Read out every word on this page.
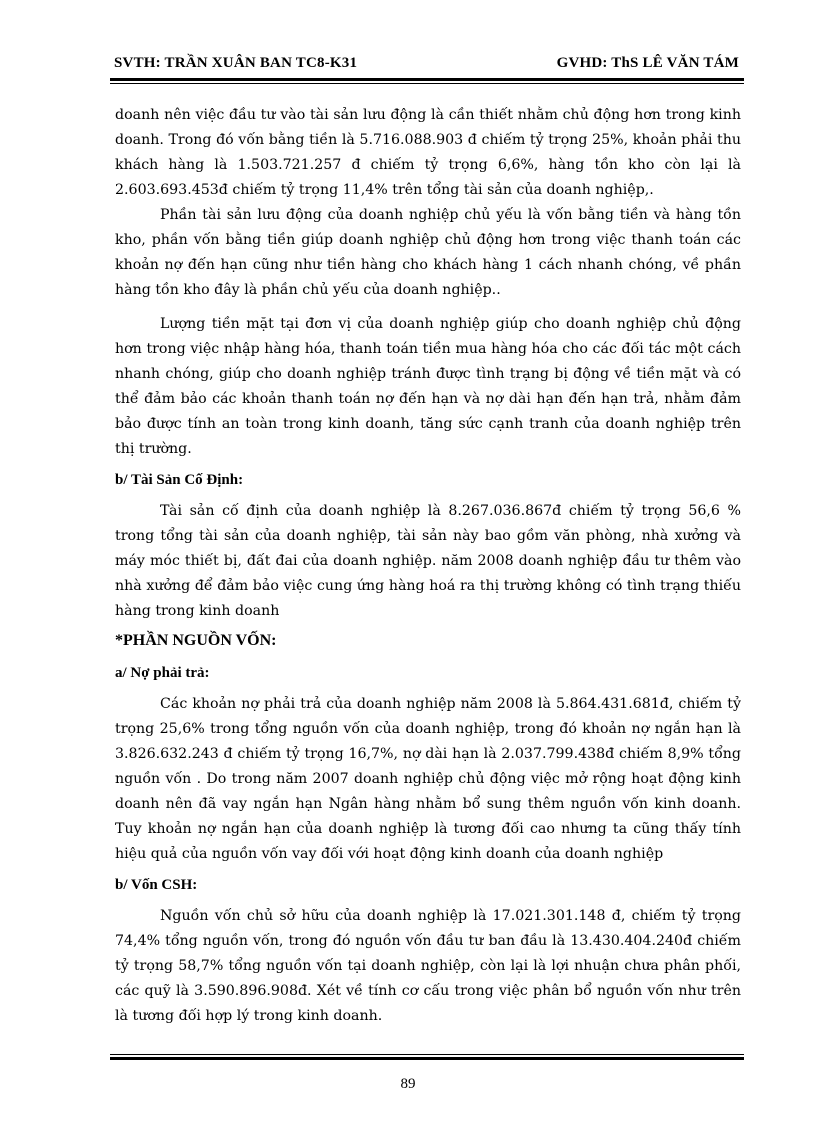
SVTH: TRẦN XUÂN BAN TC8-K31	GVHD: ThS LÊ VĂN TÁM

doanh nên việc đầu tư vào tài sản lưu động là cần thiết nhằm chủ động hơn trong kinh doanh. Trong đó vốn bằng tiền là 5.716.088.903 đ chiếm tỷ trọng 25%, khoản phải thu khách hàng là 1.503.721.257 đ chiếm tỷ trọng 6,6%, hàng tồn kho còn lại là 2.603.693.453đ chiếm tỷ trọng 11,4% trên tổng tài sản của doanh nghiệp,.

Phần tài sản lưu động của doanh nghiệp chủ yếu là vốn bằng tiền và hàng tồn kho, phần vốn bằng tiền giúp doanh nghiệp chủ động hơn trong việc thanh toán các khoản nợ đến hạn cũng như tiền hàng cho khách hàng 1 cách nhanh chóng, về phần hàng tồn kho đây là phần chủ yếu của doanh nghiệp..

Lượng tiền mặt tại đơn vị của doanh nghiệp giúp cho doanh nghiệp chủ động hơn trong việc nhập hàng hóa, thanh toán tiền mua hàng hóa cho các đối tác một cách nhanh chóng, giúp cho doanh nghiệp tránh được tình trạng bị động về tiền mặt và có thể đảm bảo các khoản thanh toán nợ đến hạn và nợ dài hạn đến hạn trả, nhằm đảm bảo được tính an toàn trong kinh doanh, tăng sức cạnh tranh của doanh nghiệp trên thị trường.

b/ Tài Sản Cố Định:

Tài sản cố định của doanh nghiệp là 8.267.036.867đ chiếm tỷ trọng 56,6 % trong tổng tài sản của doanh nghiệp, tài sản này bao gồm văn phòng, nhà xưởng và máy móc thiết bị, đất đai của doanh nghiệp. năm 2008 doanh nghiệp đầu tư thêm vào nhà xưởng để đảm bảo việc cung ứng hàng hoá ra thị trường không có tình trạng thiếu hàng trong kinh doanh

*PHẦN NGUỒN VỐN:
a/ Nợ phải trả:

Các khoản nợ phải trả của doanh nghiệp năm 2008 là 5.864.431.681đ, chiếm tỷ trọng 25,6% trong tổng nguồn vốn của doanh nghiệp, trong đó khoản nợ ngắn hạn là 3.826.632.243 đ chiếm tỷ trọng 16,7%, nợ dài hạn là 2.037.799.438đ chiếm 8,9% tổng nguồn vốn . Do trong năm 2007 doanh nghiệp chủ động việc mở rộng hoạt động kinh doanh nên đã vay ngắn hạn Ngân hàng nhằm bổ sung thêm nguồn vốn kinh doanh. Tuy khoản nợ ngắn hạn của doanh nghiệp là tương đối cao nhưng ta cũng thấy tính hiệu quả của nguồn vốn vay đối với hoạt động kinh doanh của doanh nghiệp

b/ Vốn CSH:

Nguồn vốn chủ sở hữu của doanh nghiệp là 17.021.301.148 đ, chiếm tỷ trọng 74,4% tổng nguồn vốn, trong đó nguồn vốn đầu tư ban đầu là 13.430.404.240đ chiếm tỷ trọng 58,7% tổng nguồn vốn tại doanh nghiệp, còn lại là lợi nhuận chưa phân phối, các quỹ là 3.590.896.908đ. Xét về tính cơ cấu trong việc phân bổ nguồn vốn như trên là tương đối hợp lý trong kinh doanh.

89
